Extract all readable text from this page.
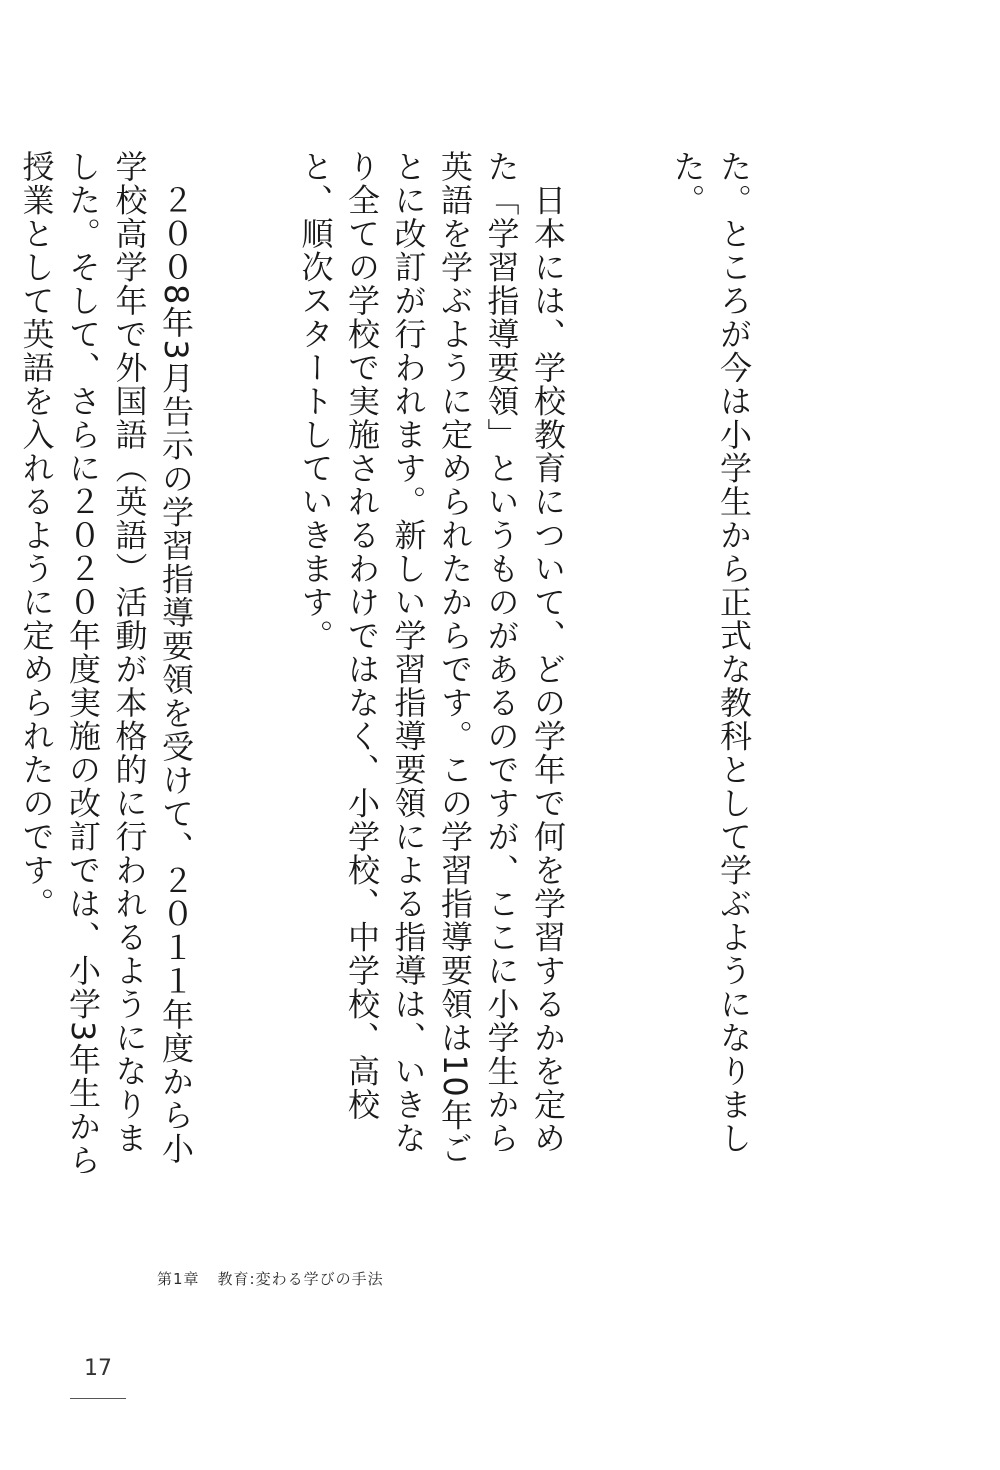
た。ところが今は小学生から正式な教科として学ぶようになりました。

　日本には、学校教育について、どの学年で何を学習するかを定めた「学習指導要領」というものがあるのですが、ここに小学生から英語を学ぶように定められたからです。この学習指導要領は10年ごとに改訂が行われます。新しい学習指導要領による指導は、いきなり全ての学校で実施されるわけではなく、小学校、中学校、高校と、順次スタートしていきます。

　２００8年3月告示の学習指導要領を受けて、２０１１年度から小学校高学年で外国語（英語）活動が本格的に行われるようになりました。そして、さらに２０２０年度実施の改訂では、小学3年生から授業として英語を入れるように定められたのです。

第1章 教育:変わる学びの手法
17
